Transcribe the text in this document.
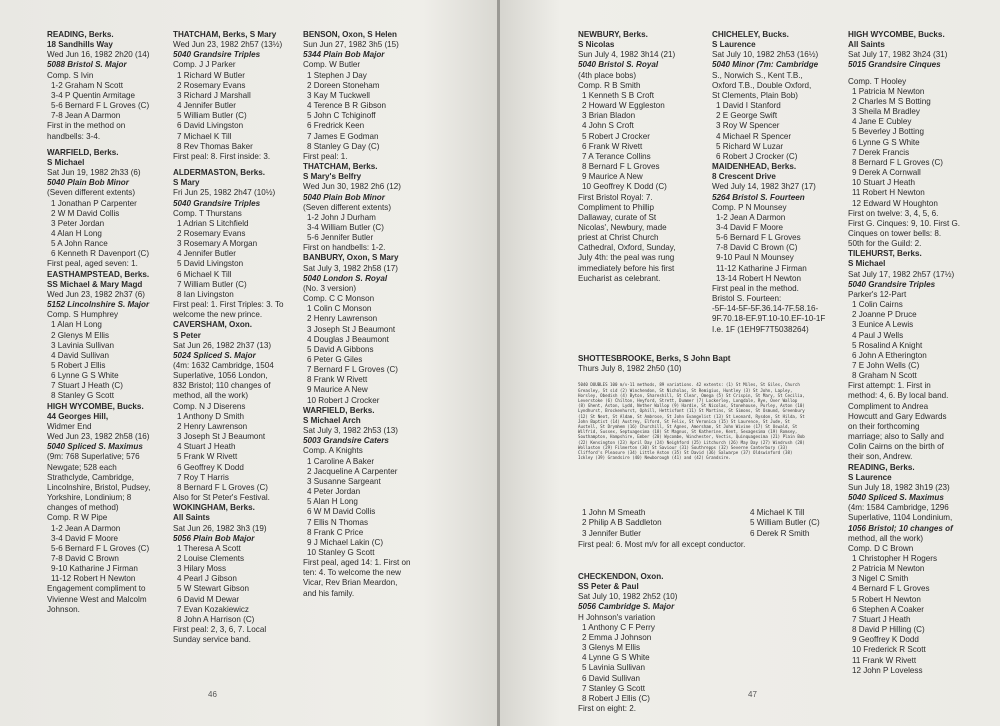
READING, Berks.
18 Sandhills Way
Wed Jun 16, 1982 2h20 (14)
5088 Bristol S. Major
Comp. S Ivin
1-2 Graham N Scott
3-4 P Quentin Armitage
5-6 Bernard F L Groves (C)
7-8 Jean A Darmon
First in the method on
handbells: 3-4.
WARFIELD, Berks.
S Michael
Sat Jun 19, 1982 2h33 (6)
5040 Plain Bob Minor
(Seven different extents)
1 Jonathan P Carpenter
2 W M David Collis
3 Peter Jordan
4 Alan H Long
5 A John Rance
6 Kenneth R Davenport (C)
First peal, aged seven: 1.
EASTHAMPSTEAD, Berks.
SS Michael & Mary Magd
Wed Jun 23, 1982 2h37 (6)
5152 Lincolnshire S. Major
Comp. S Humphrey
1 Alan H Long
2 Glenys M Ellis
3 Lavinia Sullivan
4 David Sullivan
5 Robert J Ellis
6 Lynne G S White
7 Stuart J Heath (C)
8 Stanley G Scott
HIGH WYCOMBE, Bucks.
44 Georges Hill,
Widmer End
Wed Jun 23, 1982 2h58 (16)
5040 Spliced S. Maximus
(9m: 768 Superlative; 576
Newgate; 528 each
Strathclyde, Cambridge,
Lincolnshire, Bristol, Pudsey,
Yorkshire, Londinium; 8
changes of method)
Comp. R W Pipe
1-2 Jean A Darmon
3-4 David F Moore
5-6 Bernard F L Groves (C)
7-8 David C Brown
9-10 Katharine J Firman
11-12 Robert H Newton
Engagement compliment to
Vivienne West and Malcolm
Johnson.
THATCHAM, Berks, S Mary
Wed Jun 23, 1982 2h57 (13½)
5040 Grandsire Triples
Comp. J J Parker
1 Richard W Butler
2 Rosemary Evans
3 Richard J Marshall
4 Jennifer Butler
5 William Butler (C)
6 David Livingston
7 Michael K Till
8 Rev Thomas Baker
First peal: 8. First inside: 3.
ALDERMASTON, Berks.
S Mary
Fri Jun 25, 1982 2h47 (10½)
5040 Grandsire Triples
Comp. T Thurstans
1 Adrian S Litchfield
2 Rosemary Evans
3 Rosemary A Morgan
4 Jennifer Butler
5 David Livingston
6 Michael K Till
7 William Butler (C)
8 Ian Livingston
First peal: 1. First Triples: 3. To
welcome the new prince.
CAVERSHAM, Oxon.
S Peter
Sat Jun 26, 1982 2h37 (13)
5024 Spliced S. Major
(4m: 1632 Cambridge, 1504
Superlative, 1056 London,
832 Bristol; 110 changes of
method, all the work)
Comp. N J Diserens
1 Anthony D Smith
2 Henry Lawrenson
3 Joseph St J Beaumont
4 Stuart J Heath
5 Frank W Rivett
6 Geoffrey K Dodd
7 Roy T Harris
8 Bernard F L Groves (C)
Also for St Peter's Festival.
WOKINGHAM, Berks.
All Saints
Sat Jun 26, 1982 3h3 (19)
5056 Plain Bob Major
1 Theresa A Scott
2 Louise Clements
3 Hilary Moss
4 Pearl J Gibson
5 W Stewart Gibson
6 David M Dewar
7 Evan Kozakiewicz
8 John A Harrison (C)
First peal: 2, 3, 6, 7. Local
Sunday service band.
BENSON, Oxon, S Helen
Sun Jun 27, 1982 3h5 (15)
5344 Plain Bob Major
Comp. W Butler
1 Stephen J Day
2 Doreen Stoneham
3 Kay M Tuckwell
4 Terence B R Gibson
5 John C Tchiginoff
6 Fredrick Keen
7 James E Godman
8 Stanley G Day (C)
First peal: 1.
THATCHAM, Berks.
S Mary's Belfry
Wed Jun 30, 1982 2h6 (12)
5040 Plain Bob Minor
(Seven different extents)
1-2 John J Durham
3-4 William Butler (C)
5-6 Jennifer Butler
First on handbells: 1-2.
BANBURY, Oxon, S Mary
Sat July 3, 1982 2h58 (17)
5040 London S. Royal
(No. 3 version)
Comp. C C Monson
1 Colin C Monson
2 Henry Lawrenson
3 Joseph St J Beaumont
4 Douglas J Beaumont
5 David A Gibbons
6 Peter G Giles
7 Bernard F L Groves (C)
8 Frank W Rivett
9 Maurice A New
10 Robert J Crocker
WARFIELD, Berks.
S Michael Arch
Sat July 3, 1982 2h53 (13)
5003 Grandsire Caters
Comp. A Knights
1 Caroline A Baker
2 Jacqueline A Carpenter
3 Susanne Sargeant
4 Peter Jordan
5 Alan H Long
6 W M David Collis
7 Ellis N Thomas
8 Frank C Price
9 J Michael Lakin (C)
10 Stanley G Scott
First peal, aged 14: 1. First on
ten: 4. To welcome the new
Vicar, Rev Brian Meardon,
and his family.
46
NEWBURY, Berks.
S Nicolas
Sun July 4, 1982 3h14 (21)
5040 Bristol S. Royal
(4th place bobs)
Comp. R B Smith
1 Kenneth S B Croft
2 Howard W Eggleston
3 Brian Bladon
4 John S Croft
5 Robert J Crocker
6 Frank W Rivett
7 A Terance Collins
8 Bernard F L Groves
9 Maurice A New
10 Geoffrey K Dodd (C)
First Bristol Royal: 7.
Compliment to Phillip
Dallaway, curate of St
Nicolas', Newbury, made
priest at Christ Church
Cathedral, Oxford, Sunday,
July 4th: the peal was rung
immediately before his first
Eucharist as celebrant.
CHICHELEY, Bucks.
S Laurence
Sat July 10, 1982 2h53 (16½)
5040 Minor (7m: Cambridge
S., Norwich S., Kent T.B.,
Oxford T.B., Double Oxford,
St Clements, Plain Bob)
1 David I Stanford
2 E George Swift
3 Roy W Spencer
4 Michael R Spencer
5 Richard W Luzar
6 Robert J Crocker (C)
MAIDENHEAD, Berks.
8 Crescent Drive
Wed July 14, 1982 3h27 (17)
5264 Bristol S. Fourteen
Comp. P N Mounsey
1-2 Jean A Darmon
3-4 David F Moore
5-6 Bernard F L Groves
7-8 David C Brown (C)
9-10 Paul N Mounsey
11-12 Katharine J Firman
13-14 Robert H Newton
First peal in the method.
Bristol S. Fourteen:
-5F-14-5F-5F.36.14-7F.58.16-
9F.70.18-EF.9T.10-10.EF-10-1F
I.e. 1F (1EH9F7T5038264)
HIGH WYCOMBE, Bucks.
All Saints
Sat July 17, 1982 3h24 (31)
5015 Grandsire Cinques
Comp. T Hooley
1 Patricia M Newton
2 Charles M S Botting
3 Sheila M Bradley
4 Jane E Cubley
5 Beverley J Botting
6 Lynne G S White
7 Derek Francis
8 Bernard F L Groves (C)
9 Derek A Cornwall
10 Stuart J Heath
11 Robert H Newton
12 Edward W Houghton
First on twelve: 3, 4, 5, 6.
First G. Cinques: 9, 10. First G.
Cinques on tower bells: 8.
50th for the Guild: 2.
TILEHURST, Berks.
S Michael
Sat July 17, 1982 2h57 (17½)
5040 Grandsire Triples
Parker's 12-Part
1 Colin Cairns
2 Joanne P Druce
3 Eunice A Lewis
4 Paul J Wells
5 Rosalind A Knight
6 John A Etherington
7 E John Wells (C)
8 Graham N Scott
First attempt: 1. First in
method: 4, 6. By local band.
Compliment to Andrea
Howcutt and Gary Edwards
on their forthcoming
marriage; also to Sally and
Colin Cairns on the birth of
their son, Andrew.
READING, Berks.
S Laurence
Sun July 18, 1982 3h19 (23)
5040 Spliced S. Maximus
(4m: 1584 Cambridge, 1296
Superlative, 1104 Londinium,
1056 Bristol; 10 changes of
method, all the work)
Comp. D C Brown
1 Christopher H Rogers
2 Patricia M Newton
3 Nigel C Smith
4 Bernard F L Groves
5 Robert H Newton
6 Stephen A Coaker
7 Stuart J Heath
8 David P Hilling (C)
9 Geoffrey K Dodd
10 Frederick R Scott
11 Frank W Rivett
12 John P Loveless
SHOTTESBROOKE, Berks, S John Bapt
Thurs July 8, 1982 2h50 (10)
5040 DOUBLES 100 m/v-11 methods, 89 variations. 42 extents: (1) St Miles, St Giles, Church Greasley, St sid (2) Winchendon, St Nicholas, St Remigius, Huntley (3) St John, Lapley, Horsley, Obedish (4) Byton, Shareshill, St Clear, Omega (5) St Crispin, St Mary, St Cecilia, Leverstoke (6) Chilton, Heyford, Strett, Dummer (7) Lockerley, Longdale, Rye, Over Wallop (8) Ghent, Aston, Lydd, Nether Wallop (9) Hardie, St Nicolas, Stonehouse, Purley, Aston (10) Lyndhurst, Brockenhurst, Ophill, Hettisfont (11) St Martins, St Simons, St Osmund, Greenbury (12) St Neot, St Aldam, St Ambrose, St John Evangelist (13) St Leonard, Rysdon, St Hilda, St John Baptist (14) Austrey, Elford, St Felix, St Veronica (15) St Laurence, St Jude, St Austell, St Drymhem (16) Churchill, St Agnes, Amersham, St John Wivine (17) St Oswald, St Wilfrid, Sussex, Septuagesima (18) St Magnus, St Katherine, Kent, Sexagesima (19) Romsey, Southampton, Hampshire, Ember (20) Wycombe, Winchester, Vectis, Quinquagesima (21) Plain Bob (22) Kensington (23) April Day (24) Neighford (25) Litchurch (26) May Day (27) Windrush (28) Wollaston (29) Filmerton (30) St Saviour (31) Southrepps (32) Severne Canterbury (33) Clifford's Pleasure (34) Little Aston (35) St David (36) Salwarpe (37) Oldswinford (38) Ickley (39) Grandsire (40) Newborough (41) and (42) Grandsire.
1 John M Smeath
2 Philip A B Saddleton
3 Jennifer Butler
4 Michael K Till
5 William Butler (C)
6 Derek R Smith
First peal: 6. Most m/v for all except conductor.
CHECKENDON, Oxon.
SS Peter & Paul
Sat July 10, 1982 2h52 (10)
5056 Cambridge S. Major
H Johnson's variation
1 Anthony C F Perry
2 Emma J Johnson
3 Glenys M Ellis
4 Lynne G S White
5 Lavinia Sullivan
6 David Sullivan
7 Stanley G Scott
8 Robert J Ellis (C)
First on eight: 2.
47
